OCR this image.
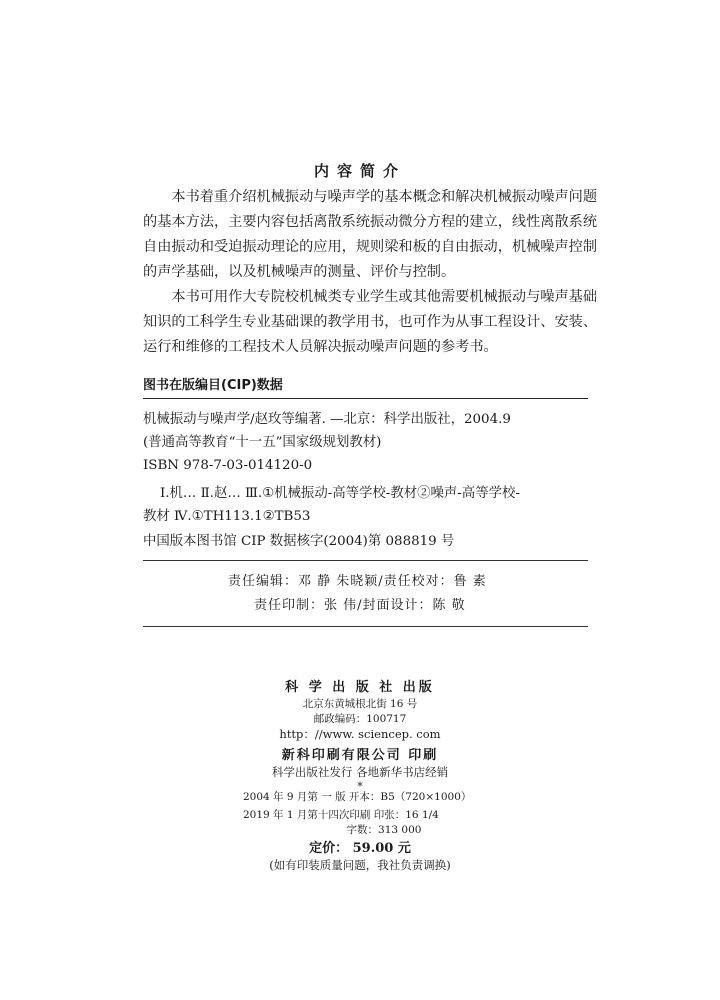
内容简介
本书着重介绍机械振动与噪声学的基本概念和解决机械振动噪声问题
的基本方法，主要内容包括离散系统振动微分方程的建立，线性离散系统
自由振动和受迫振动理论的应用，规则梁和板的自由振动，机械噪声控制
的声学基础，以及机械噪声的测量、评价与控制。
本书可用作大专院校机械类专业学生或其他需要机械振动与噪声基础
知识的工科学生专业基础课的教学用书，也可作为从事工程设计、安装、
运行和维修的工程技术人员解决振动噪声问题的参考书。
图书在版编目(CIP)数据
机械振动与噪声学/赵玫等编著. —北京：科学出版社，2004.9
(普通高等教育“十一五”国家级规划教材)
ISBN 978-7-03-014120-0
Ⅰ.机… Ⅱ.赵… Ⅲ.①机械振动-高等学校-教材②噪声-高等学校-
教材 Ⅳ.①TH113.1②TB53
中国版本图书馆 CIP 数据核字(2004)第 088819 号
责任编辑：邓 静 朱晓颖/责任校对：鲁 素
责任印制：张 伟/封面设计：陈 敬
科 学 出 版 社 出版
北京东黄城根北街 16 号
邮政编码：100717
http：//www. sciencep. com
新科印刷有限公司 印刷
科学出版社发行 各地新华书店经销
*
2004 年 9 月第 一 版 开本：B5（720×1000）
2019 年 1 月第十四次印刷 印张：16 1/4
字数：313 000
定价： 59.00 元
(如有印装质量问题，我社负责调换)
